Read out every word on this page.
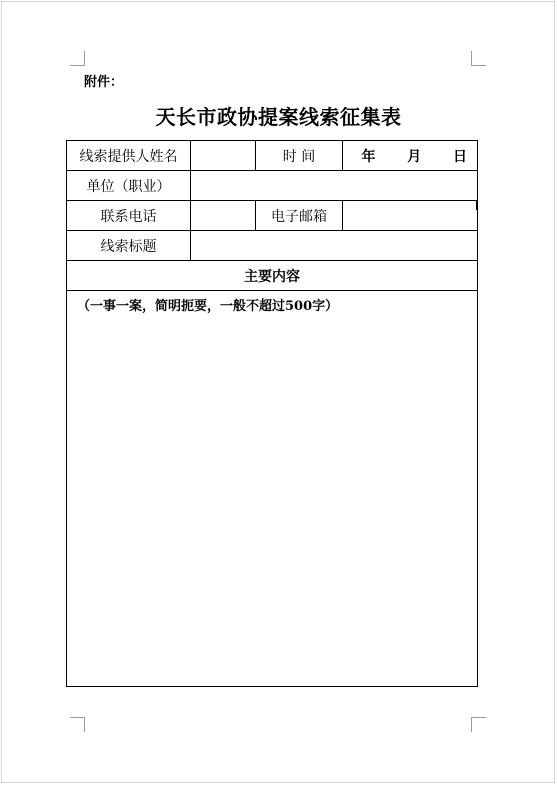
附件：
天长市政协提案线索征集表
线索提供人姓名		时 间	年 月 日
单位（职业）			
联系电话		电子邮箱	
线索标题			
主要内容			

（一事一案，简明扼要，一般不超过500字）			
